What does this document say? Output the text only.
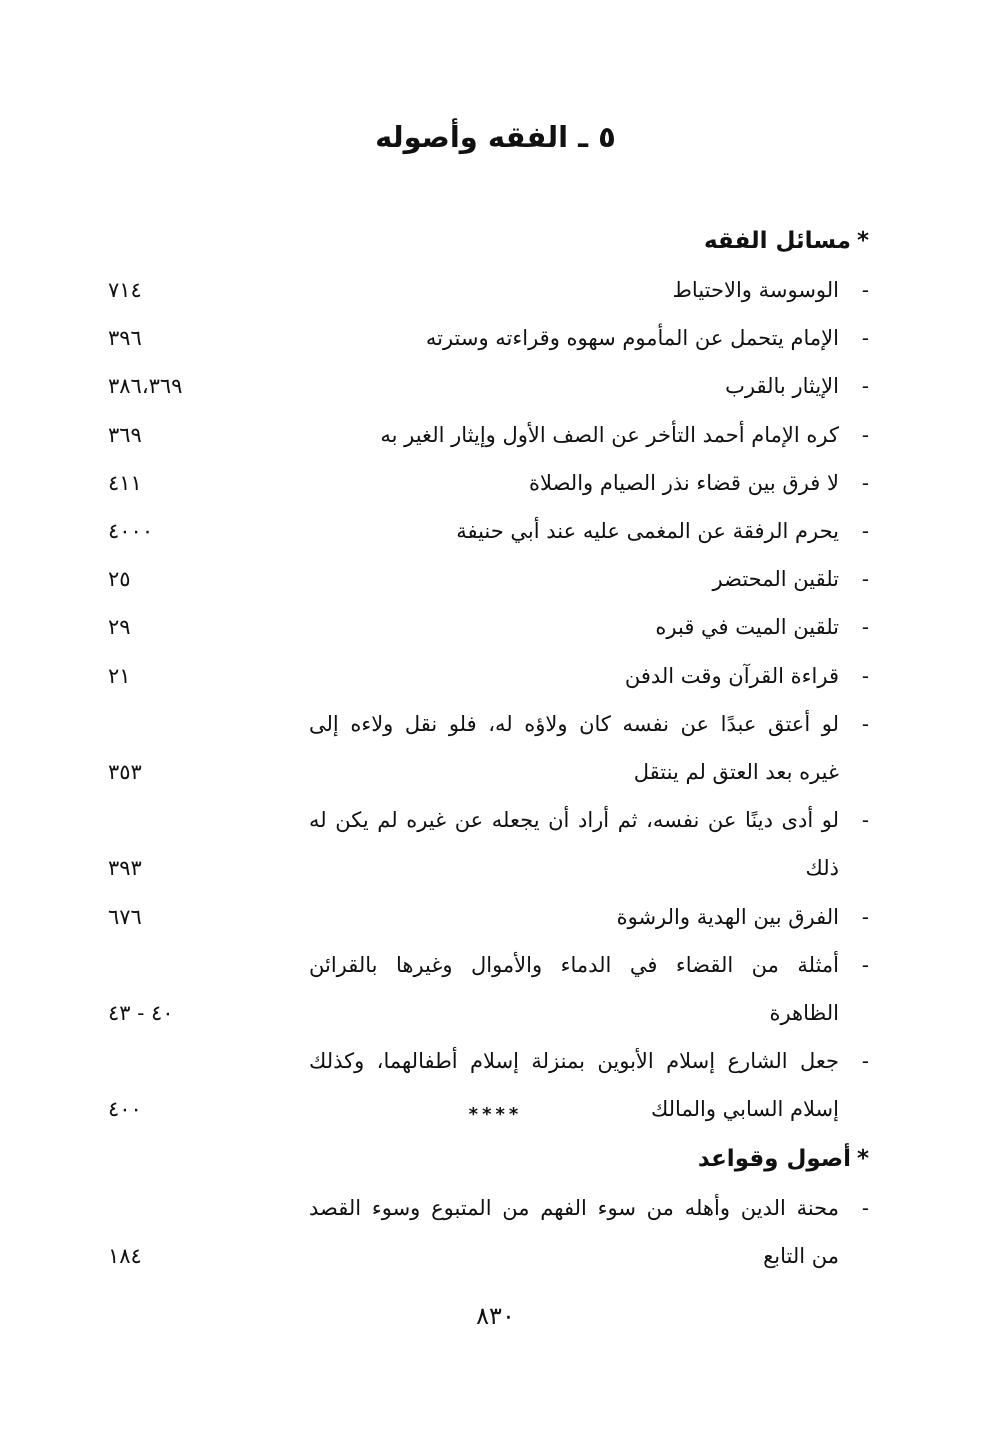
٥ ـ الفقه وأصوله
*مسائل الفقه
-
الوسوسة والاحتياط
٧١٤
-
الإمام يتحمل عن المأموم سهوه وقراءته وسترته
٣٩٦
-
الإيثار بالقرب
٣٨٦،٣٦٩
-
كره الإمام أحمد التأخر عن الصف الأول وإيثار الغير به
٣٦٩
-
لا فرق بين قضاء نذر الصيام والصلاة
٤١١
-
يحرم الرفقة عن المغمى عليه عند أبي حنيفة
٤٠٠٠
-
تلقين المحتضر
٢٥
-
تلقين الميت في قبره
٢٩
-
قراءة القرآن وقت الدفن
٢١
-
لو أعتق عبدًا عن نفسه كان ولاؤه له، فلو نقل ولاءه إلى
غيره بعد العتق لم ينتقل
٣٥٣
-
لو أدى دينًا عن نفسه، ثم أراد أن يجعله عن غيره لم يكن له
ذلك
٣٩٣
-
الفرق بين الهدية والرشوة
٦٧٦
-
أمثلة من القضاء في الدماء والأموال وغيرها بالقرائن
الظاهرة
٤٠ - ٤٣
-
جعل الشارع إسلام الأبوين بمنزلة إسلام أطفالهما، وكذلك
إسلام السابي والمالك
٤٠٠	****
*أصول وقواعد
-
محنة الدين وأهله من سوء الفهم من المتبوع وسوء القصد
من التابع
١٨٤
٨٣٠
